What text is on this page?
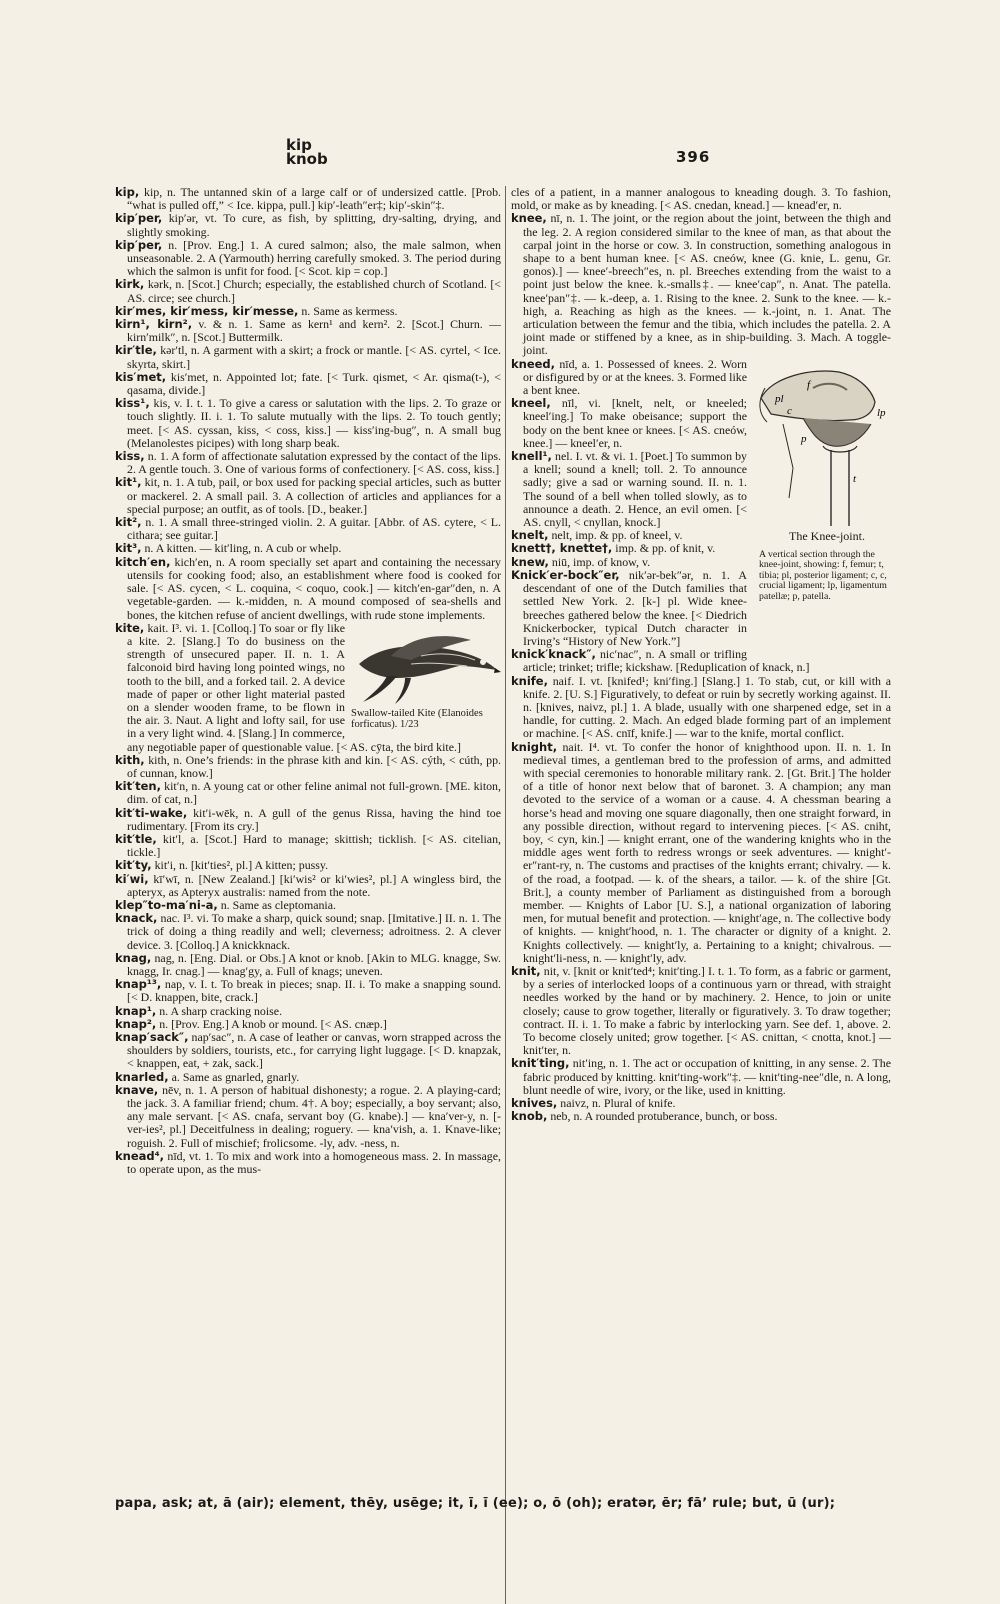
kip
knob	396

kip, kip, n. The untanned skin of a large calf or of undersized cattle. [Prob. “what is pulled off,” < Ice. kippa, pull.] kip′‐leath″er‡; kip′‐skin″‡.

kip′per, kip′ər, vt. To cure, as fish, by splitting, dry-salting, drying, and slightly smoking.

kip′per, n. [Prov. Eng.] 1. A cured salmon; also, the male salmon, when unseasonable. 2. A (Yarmouth) herring carefully smoked. 3. The period during which the salmon is unfit for food. [< Scot. kip = cop.]

kirk, kərk, n. [Scot.] Church; especially, the established church of Scotland. [< AS. circe; see church.]

kir′mes, kir′mess, kir′messe, n. Same as kermess.

kirn¹, kirn², v. & n. 1. Same as kern¹ and kern². 2. [Scot.] Churn. — kirn′milk″, n. [Scot.] Buttermilk.

kir′tle, kər′tl, n. A garment with a skirt; a frock or mantle. [< AS. cyrtel, < Ice. skyrta, skirt.]

kis′met, kis′met, n. Appointed lot; fate. [< Turk. qismet, < Ar. qisma(t-), < qasama, divide.]

kiss¹, kis, v. I. t. 1. To give a caress or salutation with the lips. 2. To graze or touch slightly. II. i. 1. To salute mutually with the lips. 2. To touch gently; meet. [< AS. cyssan, kiss, < coss, kiss.] — kiss′ing‐bug″, n. A small bug (Melanolestes picipes) with long sharp beak.

kiss, n. 1. A form of affectionate salutation expressed by the contact of the lips. 2. A gentle touch. 3. One of various forms of confectionery. [< AS. coss, kiss.]

kit¹, kit, n. 1. A tub, pail, or box used for packing special articles, such as butter or mackerel. 2. A small pail. 3. A collection of articles and appliances for a special purpose; an outfit, as of tools. [D., beaker.]

kit², n. 1. A small three-stringed violin. 2. A guitar. [Abbr. of AS. cytere, < L. cithara; see guitar.]

kit³, n. A kitten. — kit′ling, n. A cub or whelp.

kitch′en, kich′en, n. A room specially set apart and containing the necessary utensils for cooking food; also, an establishment where food is cooked for sale. [< AS. cycen, < L. coquina, < coquo, cook.] — kitch′en‐gar″den, n. A vegetable-garden. — k.‐midden, n. A mound composed of sea-shells and bones, the kitchen refuse of ancient dwellings, with rude stone implements.

Swallow-tailed Kite (Elanoides forficatus). 1/23

kite, kait. I³. vi. 1. [Colloq.] To soar or fly like a kite. 2. [Slang.] To do business on the strength of unsecured paper. II. n. 1. A falconoid bird having long pointed wings, no tooth to the bill, and a forked tail. 2. A device made of paper or other light material pasted on a slender wooden frame, to be flown in the air. 3. Naut. A light and lofty sail, for use in a very light wind. 4. [Slang.] In commerce, any negotiable paper of questionable value. [< AS. cȳta, the bird kite.]

kith, kith, n. One’s friends: in the phrase kith and kin. [< AS. cýth, < cúth, pp. of cunnan, know.]

kit′ten, kit′n, n. A young cat or other feline animal not full-grown. [ME. kiton, dim. of cat, n.]

kit′ti-wake, kit′i-wēk, n. A gull of the genus Rissa, having the hind toe rudimentary. [From its cry.]

kit′tle, kit′l, a. [Scot.] Hard to manage; skittish; ticklish. [< AS. citelian, tickle.]

kit′ty, kit′i, n. [kit′ties², pl.] A kitten; pussy.

ki′wi, kī′wī, n. [New Zealand.] [ki′wis² or ki′wies², pl.] A wingless bird, the apteryx, as Apteryx australis: named from the note.

klep″to-ma′ni-a, n. Same as cleptomania.

knack, nac. I³. vi. To make a sharp, quick sound; snap. [Imitative.] II. n. 1. The trick of doing a thing readily and well; cleverness; adroitness. 2. A clever device. 3. [Colloq.] A knickknack.

knag, nag, n. [Eng. Dial. or Obs.] A knot or knob. [Akin to MLG. knagge, Sw. knagg, Ir. cnag.] — knag′gy, a. Full of knags; uneven.

knap¹³, nap, v. I. t. To break in pieces; snap. II. i. To make a snapping sound. [< D. knappen, bite, crack.]

knap¹, n. A sharp cracking noise.

knap², n. [Prov. Eng.] A knob or mound. [< AS. cnæp.]

knap′sack″, nap′sac″, n. A case of leather or canvas, worn strapped across the shoulders by soldiers, tourists, etc., for carrying light luggage. [< D. knapzak, < knappen, eat, + zak, sack.]

knarled, a. Same as gnarled, gnarly.

knave, nēv, n. 1. A person of habitual dishonesty; a rogue. 2. A playing-card; the jack. 3. A familiar friend; chum. 4†. A boy; especially, a boy servant; also, any male servant. [< AS. cnafa, servant boy (G. knabe).] — kna′ver-y, n. [-ver-ies², pl.] Deceitfulness in dealing; roguery. — kna′vish, a. 1. Knave-like; roguish. 2. Full of mischief; frolicsome. -ly, adv. -ness, n.

knead⁴, nīd, vt. 1. To mix and work into a homogeneous mass. 2. In massage, to operate upon, as the mus-

cles of a patient, in a manner analogous to kneading dough. 3. To fashion, mold, or make as by kneading. [< AS. cnedan, knead.] — knead′er, n.

knee, nī, n. 1. The joint, or the region about the joint, between the thigh and the leg. 2. A region considered similar to the knee of man, as that about the carpal joint in the horse or cow. 3. In construction, something analogous in shape to a bent human knee. [< AS. cneów, knee (G. knie, L. genu, Gr. gonos).] — knee′‐breech″es, n. pl. Breeches extending from the waist to a point just below the knee. k.‐smalls‡. — knee′cap″, n. Anat. The patella. knee′pan″‡. — k.‐deep, a. 1. Rising to the knee. 2. Sunk to the knee. — k.‐high, a. Reaching as high as the knees. — k.‐joint, n. 1. Anat. The articulation between the femur and the tibia, which includes the patella. 2. A joint made or stiffened by a knee, as in ship-building. 3. Mach. A toggle-joint.

pl
c
p
lp
f
t
The Knee-joint.
A vertical section through the knee-joint, showing: f, femur; t, tibia; pl, posterior ligament; c, c, crucial ligament; lp, ligamentum patellæ; p, patella.

kneed, nīd, a. 1. Possessed of knees. 2. Worn or disfigured by or at the knees. 3. Formed like a bent knee.

kneel, nīl, vi. [knelt, nelt, or kneeled; kneel′ing.] To make obeisance; support the body on the bent knee or knees. [< AS. cneów, knee.] — kneel′er, n.

knell¹, nel. I. vt. & vi. 1. [Poet.] To summon by a knell; sound a knell; toll. 2. To announce sadly; give a sad or warning sound. II. n. 1. The sound of a bell when tolled slowly, as to announce a death. 2. Hence, an evil omen. [< AS. cnyll, < cnyllan, knock.]

knelt, nelt, imp. & pp. of kneel, v.

knett†, knette†, imp. & pp. of knit, v.

knew, niū, imp. of know, v.

Knick′er-bock″er, nik′ər-bek″ər, n. 1. A descendant of one of the Dutch families that settled New York. 2. [k-] pl. Wide knee-breeches gathered below the knee. [< Diedrich Knickerbocker, typical Dutch character in Irving’s “History of New York.”]

knick′knack″, nic′nac″, n. A small or trifling article; trinket; trifle; kickshaw. [Reduplication of knack, n.]

knife, naif. I. vt. [knifed¹; kni′fing.] [Slang.] 1. To stab, cut, or kill with a knife. 2. [U. S.] Figuratively, to defeat or ruin by secretly working against. II. n. [knives, naivz, pl.] 1. A blade, usually with one sharpened edge, set in a handle, for cutting. 2. Mach. An edged blade forming part of an implement or machine. [< AS. cnīf, knife.] — war to the knife, mortal conflict.

knight, nait. I⁴. vt. To confer the honor of knighthood upon. II. n. 1. In medieval times, a gentleman bred to the profession of arms, and admitted with special ceremonies to honorable military rank. 2. [Gt. Brit.] The holder of a title of honor next below that of baronet. 3. A champion; any man devoted to the service of a woman or a cause. 4. A chessman bearing a horse’s head and moving one square diagonally, then one straight forward, in any possible direction, without regard to intervening pieces. [< AS. cniht, boy, < cyn, kin.] — knight errant, one of the wandering knights who in the middle ages went forth to redress wrongs or seek adventures. — knight′‐er″rant-ry, n. The customs and practises of the knights errant; chivalry. — k. of the road, a footpad. — k. of the shears, a tailor. — k. of the shire [Gt. Brit.], a county member of Parliament as distinguished from a borough member. — Knights of Labor [U. S.], a national organization of laboring men, for mutual benefit and protection. — knight′age, n. The collective body of knights. — knight′hood, n. 1. The character or dignity of a knight. 2. Knights collectively. — knight′ly, a. Pertaining to a knight; chivalrous. — knight′li-ness, n. — knight′ly, adv.

knit, nit, v. [knit or knit′ted⁴; knit′ting.] I. t. 1. To form, as a fabric or garment, by a series of interlocked loops of a continuous yarn or thread, with straight needles worked by the hand or by machinery. 2. Hence, to join or unite closely; cause to grow together, literally or figuratively. 3. To draw together; contract. II. i. 1. To make a fabric by interlocking yarn. See def. 1, above. 2. To become closely united; grow together. [< AS. cnittan, < cnotta, knot.] — knit′ter, n.

knit′ting, nit′ing, n. 1. The act or occupation of knitting, in any sense. 2. The fabric produced by knitting. knit′ting‐work″‡. — knit′ting‐nee″dle, n. A long, blunt needle of wire, ivory, or the like, used in knitting.

knives, naivz, n. Plural of knife.

knob, neb, n. A rounded protuberance, bunch, or boss.

papa, ask; at, ā (air); element, thēy, usēge; it, ī, ī (ee); o, ō (oh); eratər, ēr; fāʼ rule; but, ū (ur);
